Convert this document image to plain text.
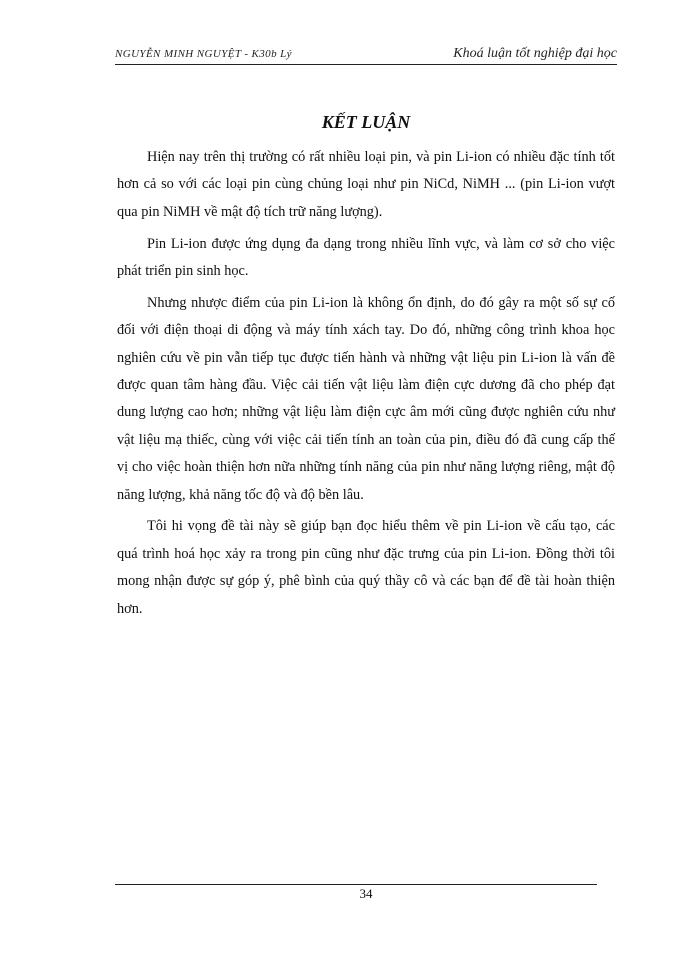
NGUYỄN MINH NGUYỆT - K30b Lý	Khoá luận tốt nghiệp đại học
KẾT LUẬN

Hiện nay trên thị trường có rất nhiều loại pin, và pin Li-ion có nhiều đặc tính tốt hơn cả so với các loại pin cùng chủng loại như pin NiCd, NiMH ... (pin Li-ion vượt qua pin NiMH về mật độ tích trữ năng lượng).

Pin Li-ion được ứng dụng đa dạng trong nhiều lĩnh vực, và làm cơ sở cho việc phát triển pin sinh học.

Nhưng nhược điểm của pin Li-ion là không ổn định, do đó gây ra một số sự cố đối với điện thoại di động và máy tính xách tay. Do đó, những công trình khoa học nghiên cứu về pin vẫn tiếp tục được tiến hành và những vật liệu pin Li-ion là vấn đề được quan tâm hàng đầu. Việc cải tiến vật liệu làm điện cực dương đã cho phép đạt dung lượng cao hơn; những vật liệu làm điện cực âm mới cũng được nghiên cứu như vật liệu mạ thiếc, cùng với việc cải tiến tính an toàn của pin, điều đó đã cung cấp thế vị cho việc hoàn thiện hơn nữa những tính năng của pin như năng lượng riêng, mật độ năng lượng, khả năng tốc độ và độ bền lâu.

Tôi hi vọng đề tài này sẽ giúp bạn đọc hiểu thêm về pin Li-ion về cấu tạo, các quá trình hoá học xảy ra trong pin cũng như đặc trưng của pin Li-ion. Đồng thời tôi mong nhận được sự góp ý, phê bình của quý thầy cô và các bạn để đề tài hoàn thiện hơn.

34
